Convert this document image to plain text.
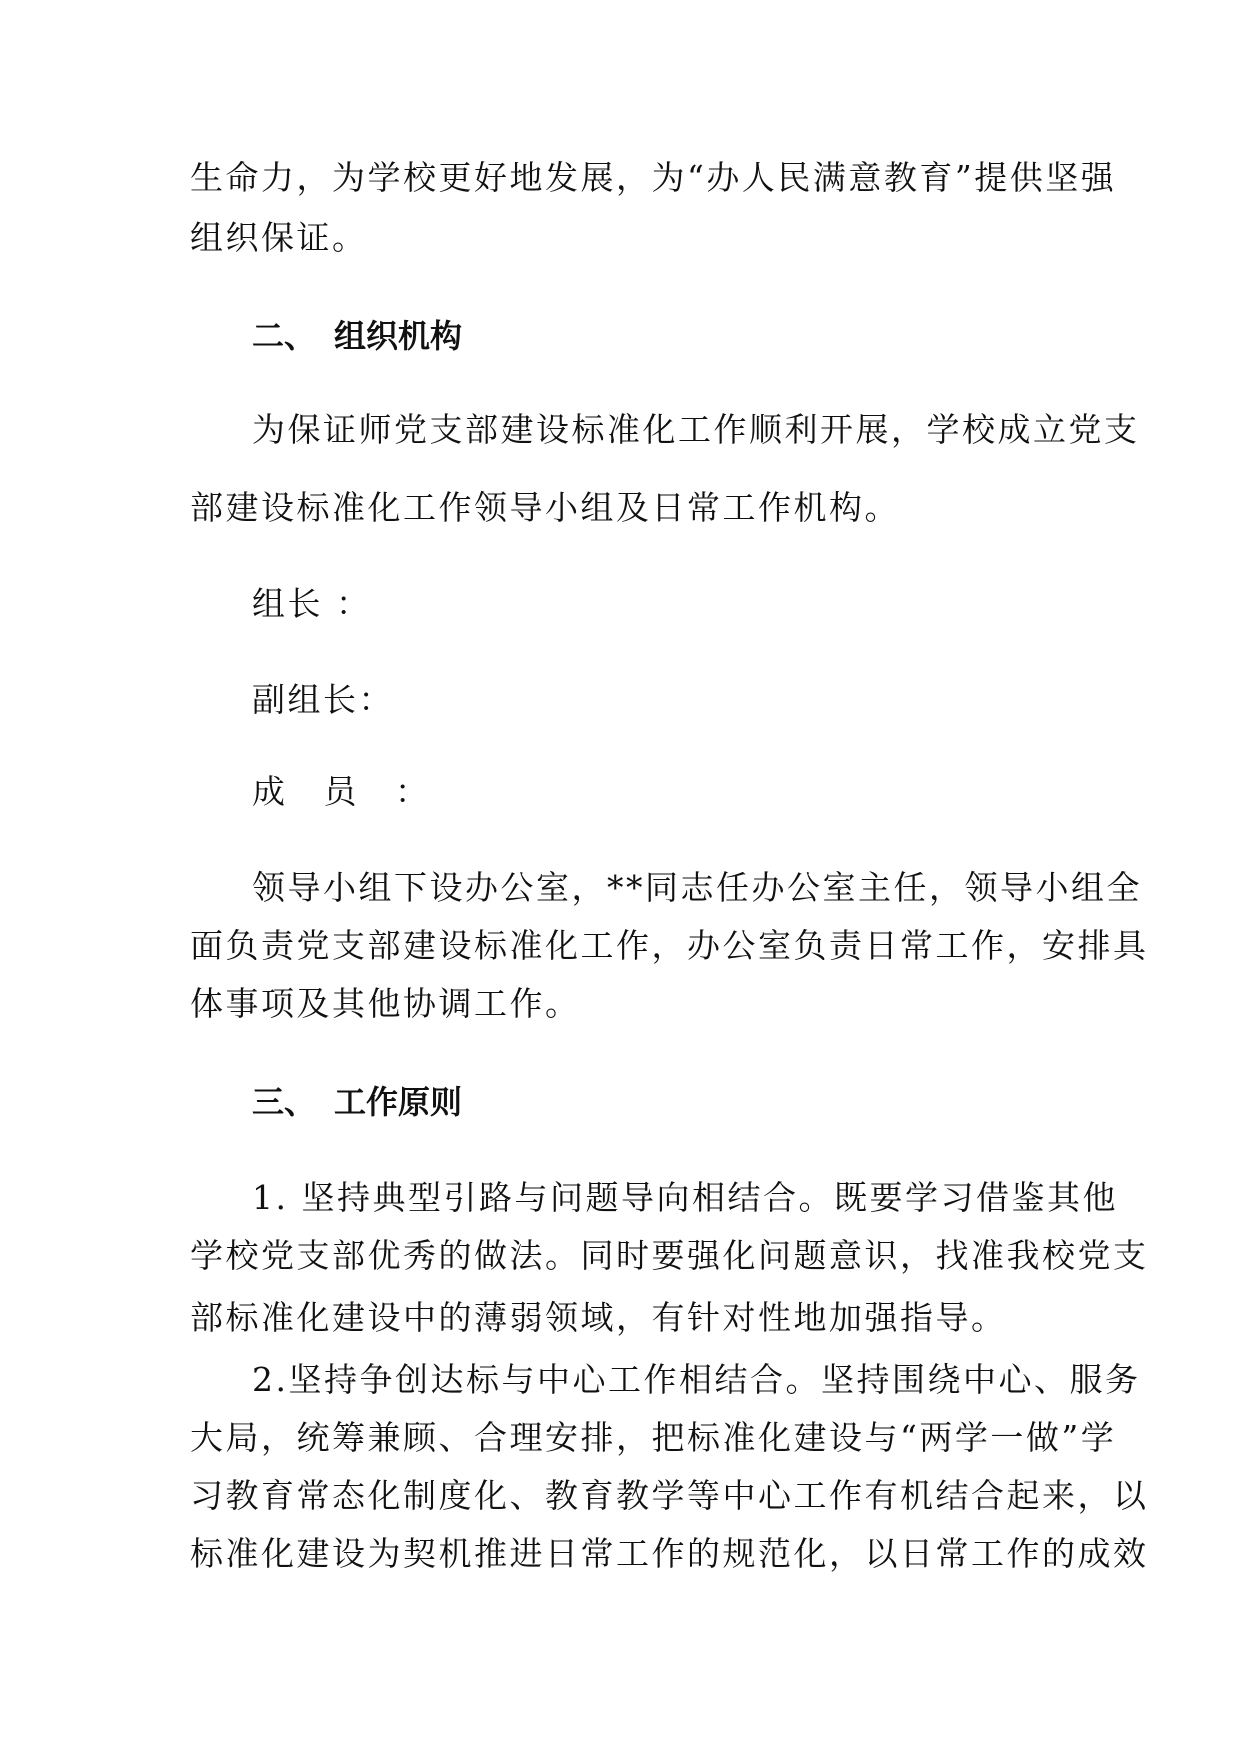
生命力，为学校更好地发展，为“办人民满意教育”提供坚强
组织保证。
二、 组织机构
为保证师党支部建设标准化工作顺利开展，学校成立党支
部建设标准化工作领导小组及日常工作机构。
组长 ：
副组长：
成 员 ：
领导小组下设办公室，**同志任办公室主任，领导小组全
面负责党支部建设标准化工作，办公室负责日常工作，安排具
体事项及其他协调工作。
三、 工作原则
1. 坚持典型引路与问题导向相结合。既要学习借鉴其他
学校党支部优秀的做法。同时要强化问题意识，找准我校党支
部标准化建设中的薄弱领域，有针对性地加强指导。
2.坚持争创达标与中心工作相结合。坚持围绕中心、服务
大局，统筹兼顾、合理安排，把标准化建设与“两学一做”学
习教育常态化制度化、教育教学等中心工作有机结合起来，以
标准化建设为契机推进日常工作的规范化，以日常工作的成效
